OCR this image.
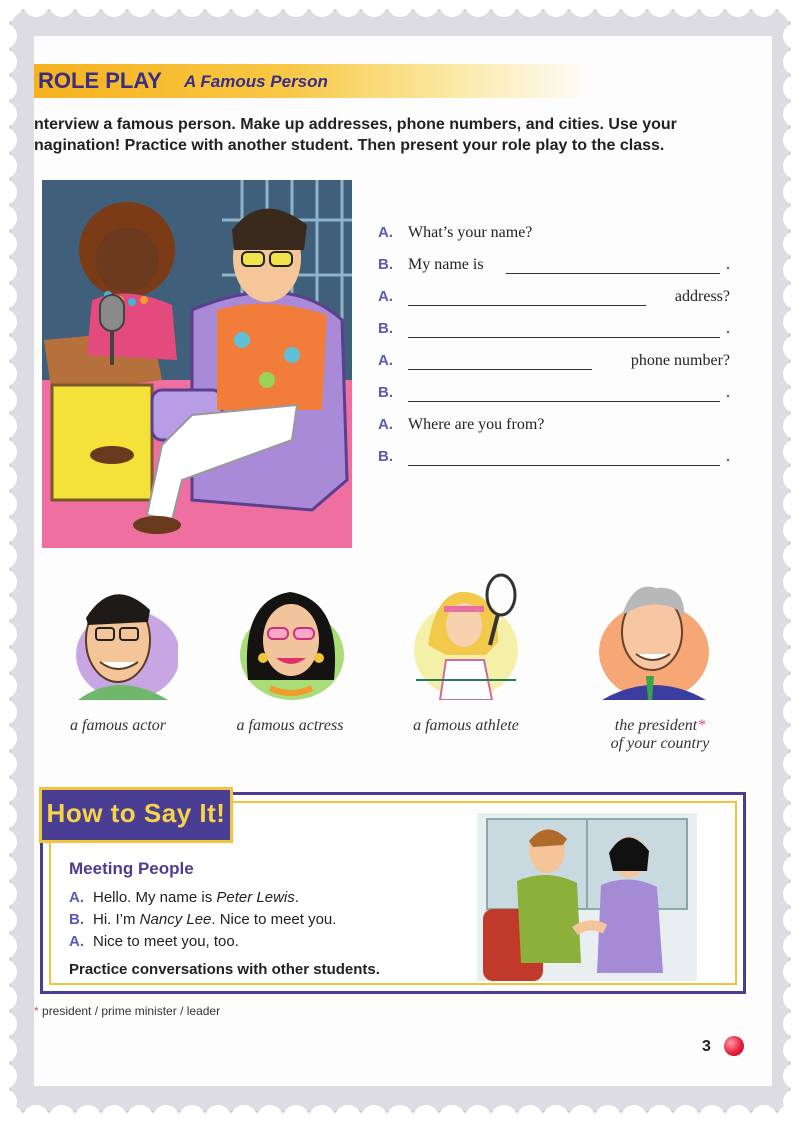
ROLE PLAY A Famous Person

nterview a famous person. Make up addresses, phone numbers, and cities. Use your

nagination! Practice with another student. Then present your role play to the class.

A. What’s your name?
B. My name is	.
A.	address?
B.	.
A.	phone number?
B.	.
A. Where are you from?
B.	.
a famous actor	a famous actress	a famous athlete	the president*
of your country
How to Say It!
Meeting People
A. Hello. My name is Peter Lewis.
B. Hi. I’m Nancy Lee. Nice to meet you.
A. Nice to meet you, too.
Practice conversations with other students.
* president / prime minister / leader
3
